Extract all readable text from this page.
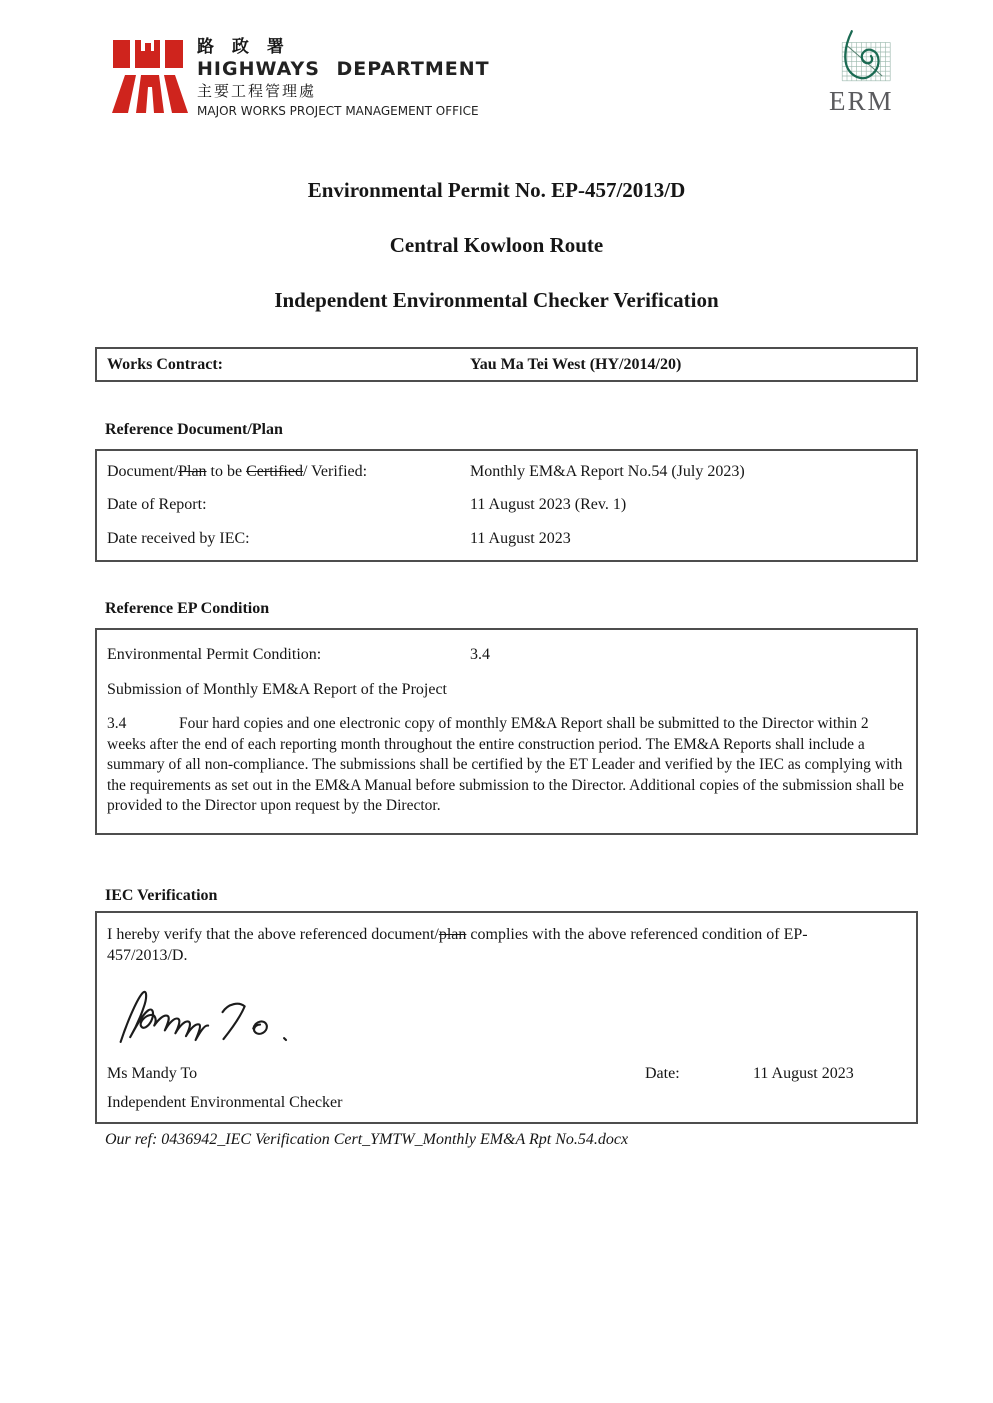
路 政 署
HIGHWAYS DEPARTMENT
主要工程管理處
MAJOR WORKS PROJECT MANAGEMENT OFFICE	ERM
Environmental Permit No. EP-457/2013/D
Central Kowloon Route
Independent Environmental Checker Verification
Works Contract:	Yau Ma Tei West (HY/2014/20)
Reference Document/Plan
Document/Plan to be Certified/ Verified:	Monthly EM&A Report No.54 (July 2023)
Date of Report:	11 August 2023 (Rev. 1)
Date received by IEC:	11 August 2023
Reference EP Condition
Environmental Permit Condition:	3.4
Submission of Monthly EM&A Report of the Project
3.4	Four hard copies and one electronic copy of monthly EM&A Report shall be submitted to the Director within 2 weeks after the end of each reporting month throughout the entire construction period. The EM&A Reports shall include a summary of all non-compliance. The submissions shall be certified by the ET Leader and verified by the IEC as complying with the requirements as set out in the EM&A Manual before submission to the Director. Additional copies of the submission shall be provided to the Director upon request by the Director.
IEC Verification
I hereby verify that the above referenced document/plan complies with the above referenced condition of EP-457/2013/D.
Ms Mandy To	Date:	11 August 2023
Independent Environmental Checker
Our ref: 0436942_IEC Verification Cert_YMTW_Monthly EM&A Rpt No.54.docx
